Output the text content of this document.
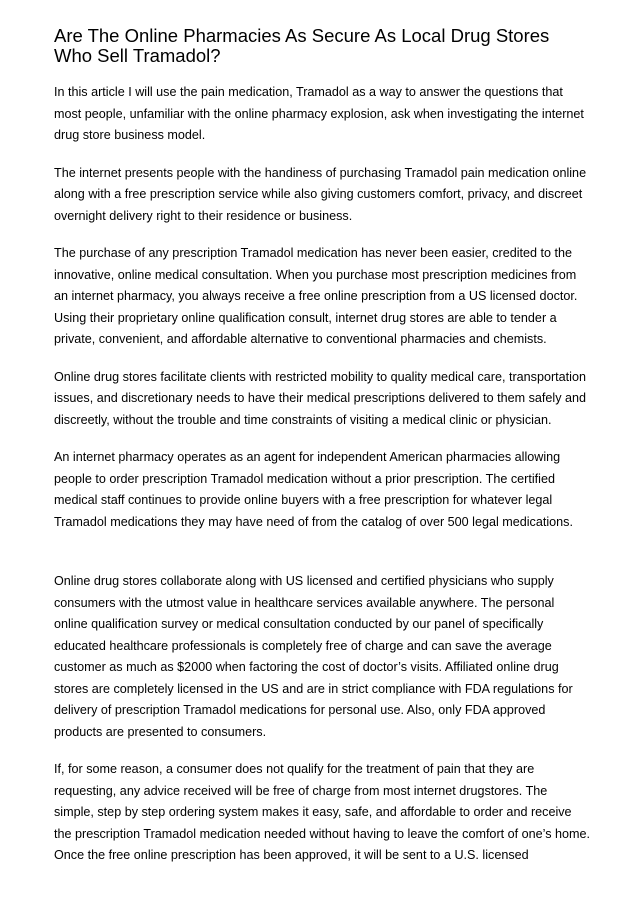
Are The Online Pharmacies As Secure As Local Drug Stores Who Sell Tramadol?

In this article I will use the pain medication, Tramadol as a way to answer the questions that most people, unfamiliar with the online pharmacy explosion, ask when investigating the internet drug store business model.

The internet presents people with the handiness of purchasing Tramadol pain medication online along with a free prescription service while also giving customers comfort, privacy, and discreet overnight delivery right to their residence or business.

The purchase of any prescription Tramadol medication has never been easier, credited to the innovative, online medical consultation. When you purchase most prescription medicines from an internet pharmacy, you always receive a free online prescription from a US licensed doctor. Using their proprietary online qualification consult, internet drug stores are able to tender a private, convenient, and affordable alternative to conventional pharmacies and chemists.

Online drug stores facilitate clients with restricted mobility to quality medical care, transportation issues, and discretionary needs to have their medical prescriptions delivered to them safely and discreetly, without the trouble and time constraints of visiting a medical clinic or physician.

An internet pharmacy operates as an agent for independent American pharmacies allowing people to order prescription Tramadol medication without a prior prescription. The certified medical staff continues to provide online buyers with a free prescription for whatever legal Tramadol medications they may have need of from the catalog of over 500 legal medications.

Online drug stores collaborate along with US licensed and certified physicians who supply consumers with the utmost value in healthcare services available anywhere. The personal online qualification survey or medical consultation conducted by our panel of specifically educated healthcare professionals is completely free of charge and can save the average customer as much as $2000 when factoring the cost of doctor’s visits. Affiliated online drug stores are completely licensed in the US and are in strict compliance with FDA regulations for delivery of prescription Tramadol medications for personal use. Also, only FDA approved products are presented to consumers.

If, for some reason, a consumer does not qualify for the treatment of pain that they are requesting, any advice received will be free of charge from most internet drugstores. The simple, step by step ordering system makes it easy, safe, and affordable to order and receive the prescription Tramadol medication needed without having to leave the comfort of one’s home. Once the free online prescription has been approved, it will be sent to a U.S. licensed
